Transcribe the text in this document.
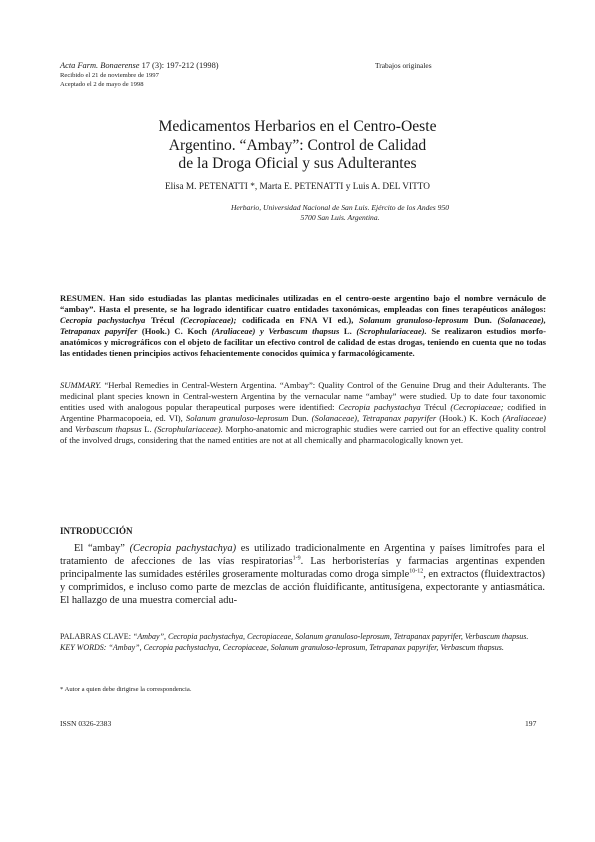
Acta Farm. Bonaerense 17 (3): 197-212 (1998)	Trabajos originales
Recibido el 21 de noviembre de 1997
Aceptado el 2 de mayo de 1998
Medicamentos Herbarios en el Centro-Oeste
Argentino. “Ambay”: Control de Calidad
de la Droga Oficial y sus Adulterantes
Elisa M. PETENATTI *, Marta E. PETENATTI y Luis A. DEL VITTO
Herbario, Universidad Nacional de San Luis. Ejército de los Andes 950
5700 San Luis. Argentina.
RESUMEN. Han sido estudiadas las plantas medicinales utilizadas en el centro-oeste argentino bajo el nombre vernáculo de “ambay”. Hasta el presente, se ha logrado identificar cuatro entidades taxonómicas, empleadas con fines terapéuticos análogos: Cecropia pachystachya Trécul (Cecropiaceae); codificada en FNA VI ed.), Solanum granuloso-leprosum Dun. (Solanaceae), Tetrapanax papyrifer (Hook.) C. Koch (Araliaceae) y Verbascum thapsus L. (Scrophulariaceae). Se realizaron estudios morfo-anatómicos y micrográficos con el objeto de facilitar un efectivo control de calidad de estas drogas, teniendo en cuenta que no todas las entidades tienen principios activos fehacientemente conocidos química y farmacológicamente.
SUMMARY. “Herbal Remedies in Central-Western Argentina. “Ambay”: Quality Control of the Genuine Drug and their Adulterants. The medicinal plant species known in Central-western Argentina by the vernacular name “ambay” were studied. Up to date four taxonomic entities used with analogous popular therapeutical purposes were identified: Cecropia pachystachya Trécul (Cecropiaceae; codified in Argentine Pharmacopoeia, ed. VI), Solanum granuloso-leprosum Dun. (Solanaceae), Tetrapanax papyrifer (Hook.) K. Koch (Araliaceae) and Verbascum thapsus L. (Scrophulariaceae). Morpho-anatomic and micrographic studies were carried out for an effective quality control of the involved drugs, considering that the named entities are not at all chemically and pharmacologically known yet.
INTRODUCCIÓN
El “ambay” (Cecropia pachystachya) es utilizado tradicionalmente en Argentina y países limítrofes para el tratamiento de afecciones de las vías respiratorias$^{1-9}$. Las herboristerías y farmacias argentinas expenden principalmente las sumidades estériles groseramente molturadas como droga simple$^{10-12}$, en extractos (fluidextractos) y comprimidos, e incluso como parte de mezclas de acción fluidificante, antitusígena, expectorante y antiasmática. El hallazgo de una muestra comercial adu-
PALABRAS CLAVE: “Ambay”, Cecropia pachystachya, Cecropiaceae, Solanum granuloso-leprosum, Tetrapanax papyrifer, Verbascum thapsus.
KEY WORDS: “Ambay”, Cecropia pachystachya, Cecropiaceae, Solanum granuloso-leprosum, Tetrapanax papyrifer, Verbascum thapsus.
* Autor a quien debe dirigirse la correspondencia.
ISSN 0326-2383	197
